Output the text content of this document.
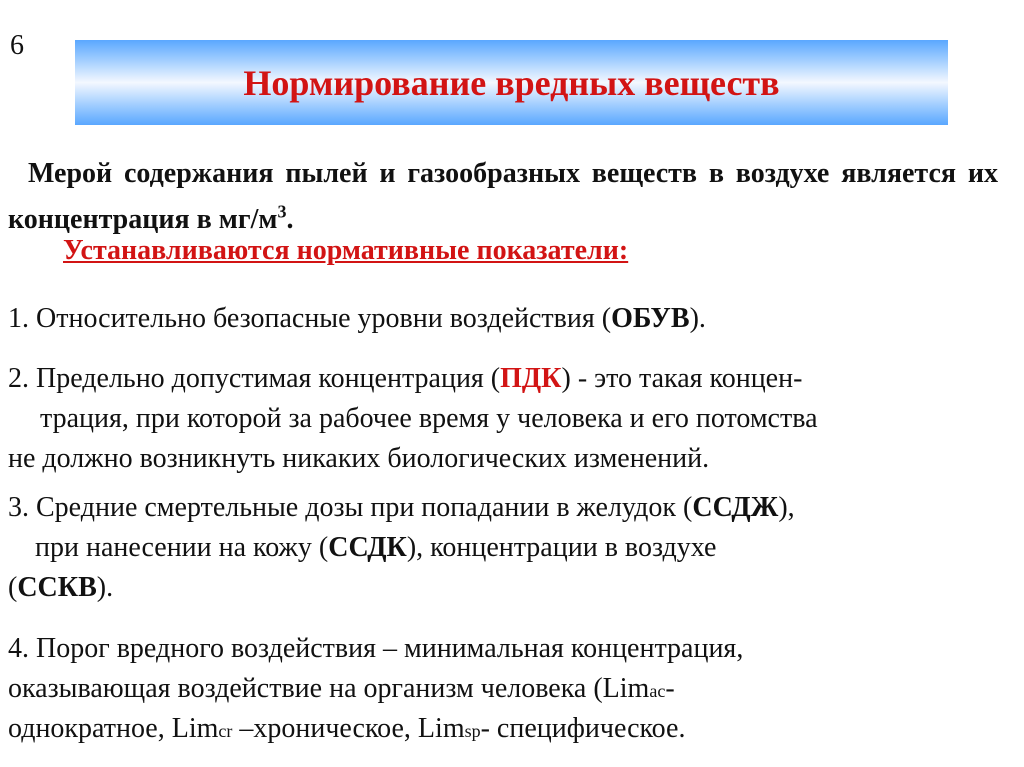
6
Нормирование вредных веществ
Мерой содержания пылей и газообразных веществ в воздухе является их концентрация в $мг/м^3$.
Устанавливаются нормативные показатели:
1. Относительно безопасные уровни воздействия (ОБУВ).
2. Предельно допустимая концентрация (ПДК) - это такая концен-
трация, при которой за рабочее время у человека и его потомства
не должно возникнуть никаких биологических изменений.
3. Средние смертельные дозы при попадании в желудок (ССДЖ),
при нанесении на кожу (ССДК), концентрации в воздухе
(ССКВ).
4. Порог вредного воздействия – минимальная концентрация,
оказывающая воздействие на организм человека (Limac-
однократное, Limcr –хроническое, Limsp- специфическое.
